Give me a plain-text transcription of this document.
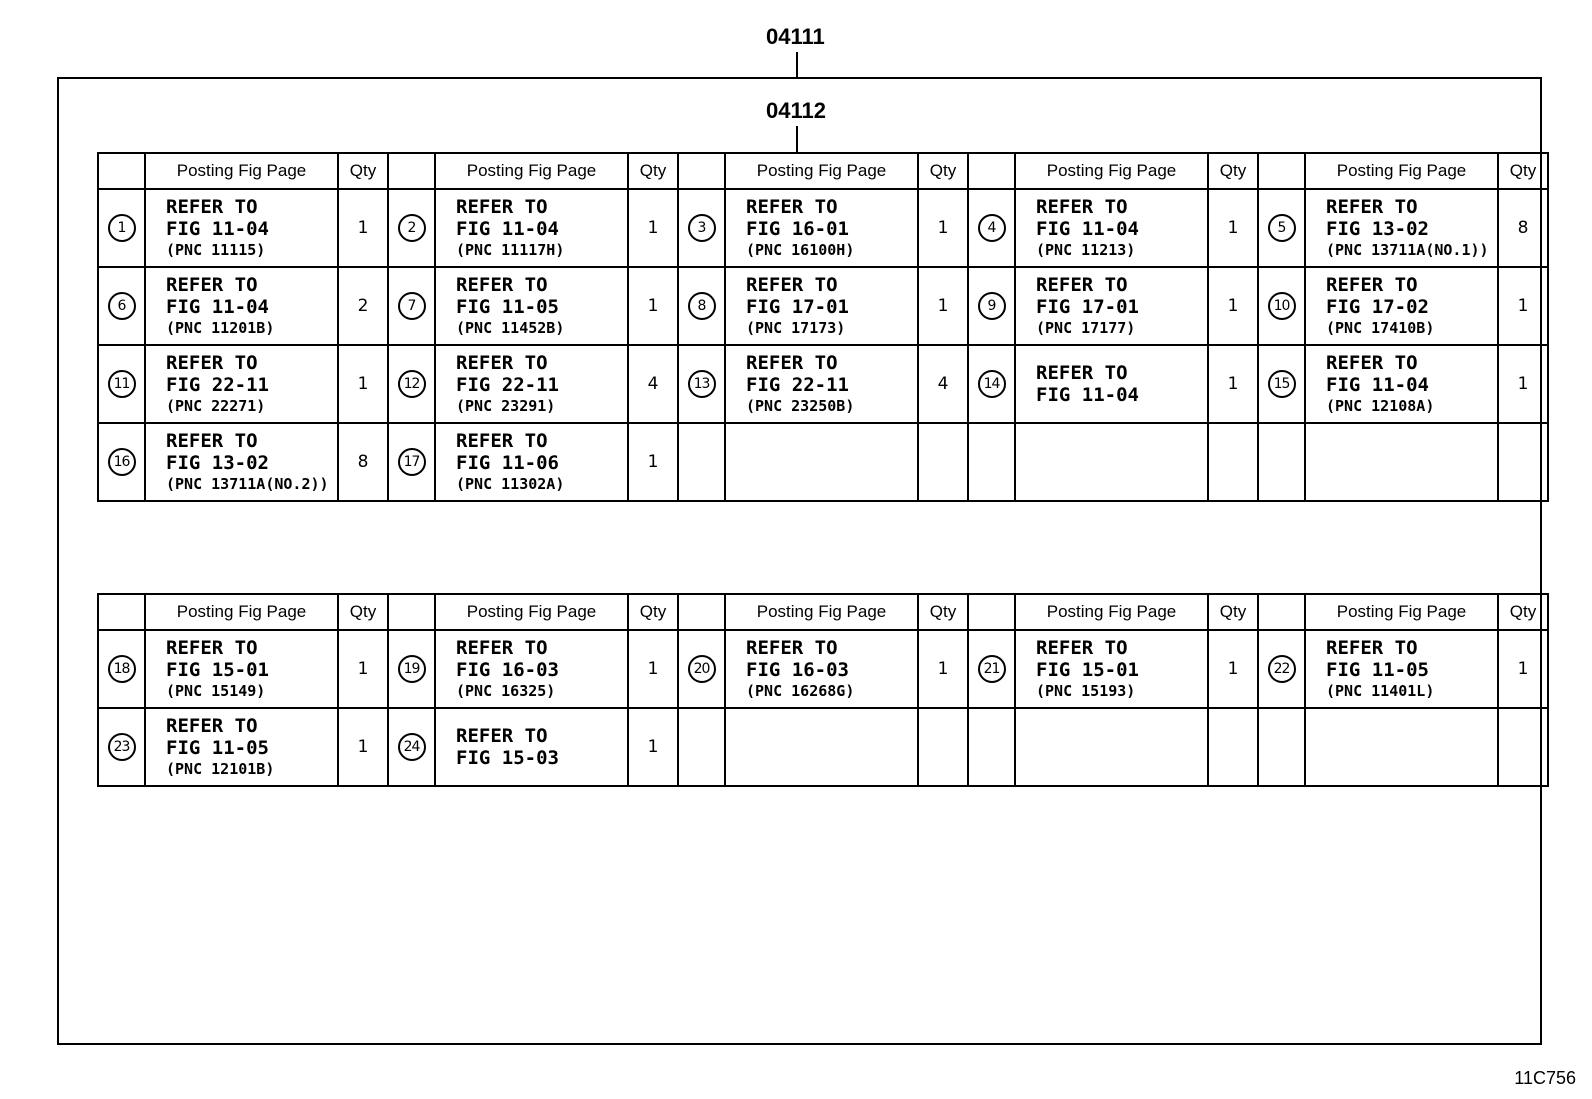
04111
04112
	Posting Fig Page	Qty		Posting Fig Page	Qty		Posting Fig Page	Qty		Posting Fig Page	Qty		Posting Fig Page	Qty
1	REFER TO
FIG 11-04
(PNC 11115)	1	2	REFER TO
FIG 11-04
(PNC 11117H)	1	3	REFER TO
FIG 16-01
(PNC 16100H)	1	4	REFER TO
FIG 11-04
(PNC 11213)	1	5	REFER TO
FIG 13-02
(PNC 13711A(NO.1))	8
6	REFER TO
FIG 11-04
(PNC 11201B)	2	7	REFER TO
FIG 11-05
(PNC 11452B)	1	8	REFER TO
FIG 17-01
(PNC 17173)	1	9	REFER TO
FIG 17-01
(PNC 17177)	1	10	REFER TO
FIG 17-02
(PNC 17410B)	1
11	REFER TO
FIG 22-11
(PNC 22271)	1	12	REFER TO
FIG 22-11
(PNC 23291)	4	13	REFER TO
FIG 22-11
(PNC 23250B)	4	14	REFER TO
FIG 11-04	1	15	REFER TO
FIG 11-04
(PNC 12108A)	1
16	REFER TO
FIG 13-02
(PNC 13711A(NO.2))	8	17	REFER TO
FIG 11-06
(PNC 11302A)	1									
	Posting Fig Page	Qty		Posting Fig Page	Qty		Posting Fig Page	Qty		Posting Fig Page	Qty		Posting Fig Page	Qty
18	REFER TO
FIG 15-01
(PNC 15149)	1	19	REFER TO
FIG 16-03
(PNC 16325)	1	20	REFER TO
FIG 16-03
(PNC 16268G)	1	21	REFER TO
FIG 15-01
(PNC 15193)	1	22	REFER TO
FIG 11-05
(PNC 11401L)	1
23	REFER TO
FIG 11-05
(PNC 12101B)	1	24	REFER TO
FIG 15-03	1									
11C756
